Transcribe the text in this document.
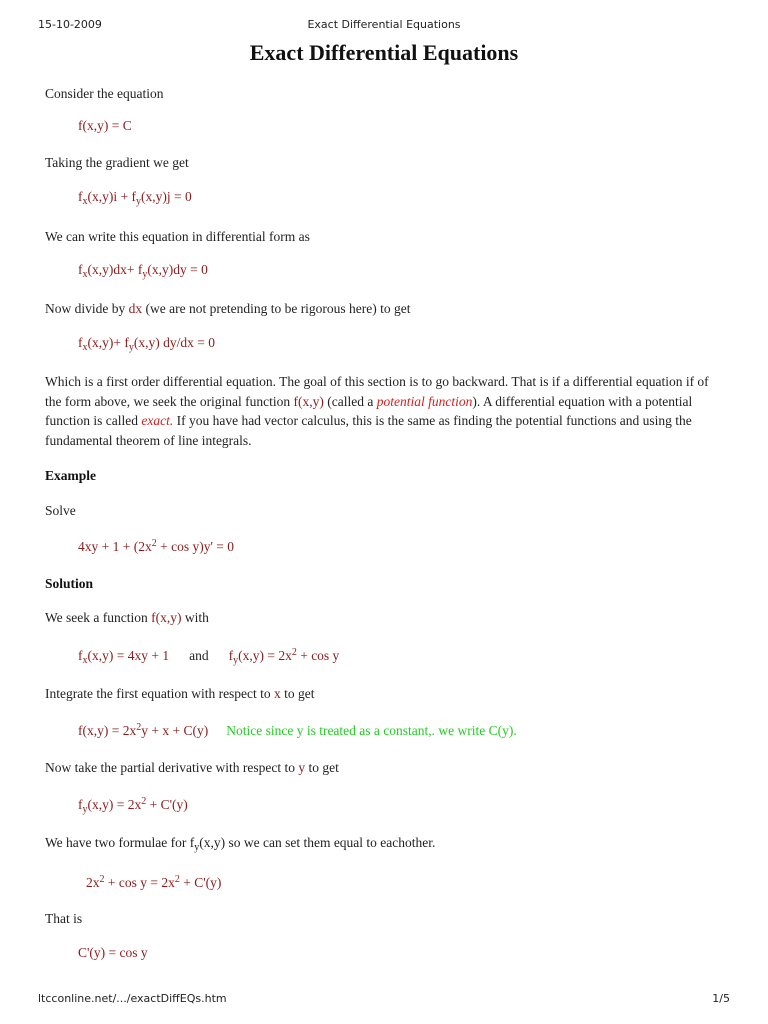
15-10-2009	Exact Differential Equations
Exact Differential Equations
Consider the equation
f(x,y) = C
Taking the gradient we get
$f_x(x,y)i + f_y(x,y)j = 0$
We can write this equation in differential form as
$f_x(x,y)dx+ f_y(x,y)dy = 0$
Now divide by dx (we are not pretending to be rigorous here) to get
$f_x(x,y)+ f_y(x,y) dy/dx = 0$
Which is a first order differential equation. The goal of this section is to go backward. That is if a differential equation if of the form above, we seek the original function f(x,y) (called a potential function). A differential equation with a potential function is called exact. If you have had vector calculus, this is the same as finding the potential functions and using the fundamental theorem of line integrals.
Example
Solve
$4xy + 1 + (2x^2 + \cos y)y' = 0$
Solution
We seek a function f(x,y) with
$f_x(x,y) = 4xy + 1$ and $f_y(x,y) = 2x^2 + \cos y$
Integrate the first equation with respect to x to get
$f(x,y) = 2x^2y + x + C(y)$ Notice since y is treated as a constant,. we write C(y).
Now take the partial derivative with respect to y to get
$f_y(x,y) = 2x^2 + C'(y)$
We have two formulae for $f_y(x,y)$ so we can set them equal to eachother.
$2x^2 + \cos y = 2x^2 + C'(y)$
That is
C'(y) = cos y
ltcconline.net/.../exactDiffEQs.htm	1/5
